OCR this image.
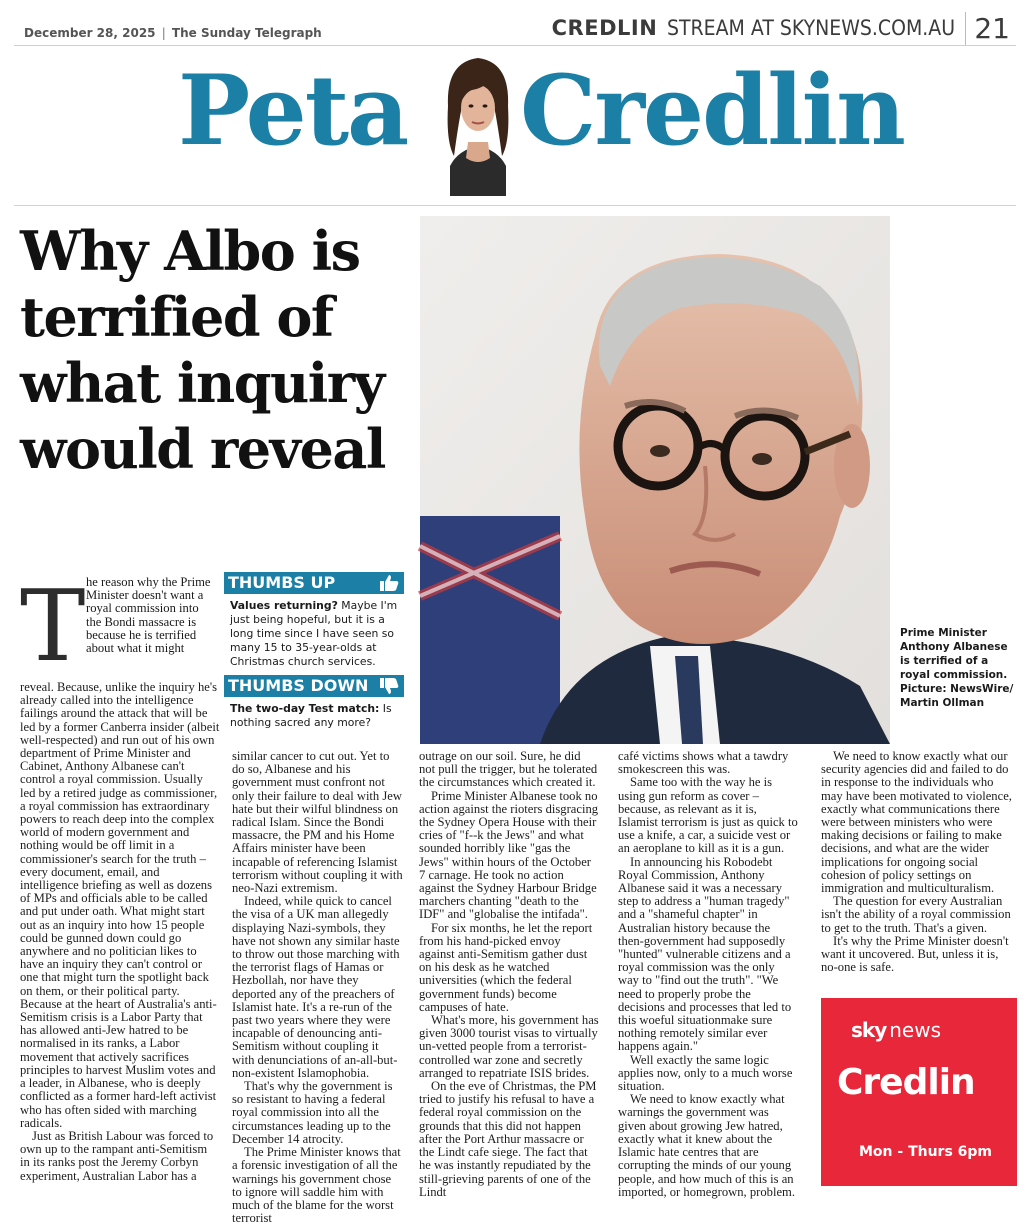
December 28, 2025 | The Sunday Telegraph	CREDLIN STREAM AT SKYNEWS.COM.AU 21
Peta Credlin
Why Albo is terrified of what inquiry would reveal
Prime Minister Anthony Albanese is terrified of a royal commission. Picture: NewsWire/ Martin Ollman
T he reason why the Prime Minister doesn't want a royal commission into the Bondi massacre is because he is terrified about what it might

reveal. Because, unlike the inquiry he's already called into the intelligence failings around the attack that will be led by a former Canberra insider (albeit well-respected) and run out of his own department of Prime Minister and Cabinet, Anthony Albanese can't control a royal commission. Usually led by a retired judge as commissioner, a royal commission has extraordinary powers to reach deep into the complex world of modern government and nothing would be off limit in a commissioner's search for the truth – every document, email, and intelligence briefing as well as dozens of MPs and officials able to be called and put under oath. What might start out as an inquiry into how 15 people could be gunned down could go anywhere and no politician likes to have an inquiry they can't control or one that might turn the spotlight back on them, or their political party. Because at the heart of Australia's anti-Semitism crisis is a Labor Party that has allowed anti-Jew hatred to be normalised in its ranks, a Labor movement that actively sacrifices principles to harvest Muslim votes and a leader, in Albanese, who is deeply conflicted as a former hard-left activist who has often sided with marching radicals.

Just as British Labour was forced to own up to the rampant anti-Semitism in its ranks post the Jeremy Corbyn experiment, Australian Labor has a

THUMBS UP
Values returning? Maybe I'm just being hopeful, but it is a long time since I have seen so many 15 to 35-year-olds at Christmas church services.
THUMBS DOWN
The two-day Test match: Is nothing sacred any more?

similar cancer to cut out. Yet to do so, Albanese and his government must confront not only their failure to deal with Jew hate but their wilful blindness on radical Islam. Since the Bondi massacre, the PM and his Home Affairs minister have been incapable of referencing Islamist terrorism without coupling it with neo-Nazi extremism.

Indeed, while quick to cancel the visa of a UK man allegedly displaying Nazi-symbols, they have not shown any similar haste to throw out those marching with the terrorist flags of Hamas or Hezbollah, nor have they deported any of the preachers of Islamist hate. It's a re-run of the past two years where they were incapable of denouncing anti-Semitism without coupling it with denunciations of an-all-but-non-existent Islamophobia.

That's why the government is so resistant to having a federal royal commission into all the circumstances leading up to the December 14 atrocity.

The Prime Minister knows that a forensic investigation of all the warnings his government chose to ignore will saddle him with much of the blame for the worst terrorist

outrage on our soil. Sure, he did not pull the trigger, but he tolerated the circumstances which created it.

Prime Minister Albanese took no action against the rioters disgracing the Sydney Opera House with their cries of "f--k the Jews" and what sounded horribly like "gas the Jews" within hours of the October 7 carnage. He took no action against the Sydney Harbour Bridge marchers chanting "death to the IDF" and "globalise the intifada".

For six months, he let the report from his hand-picked envoy against anti-Semitism gather dust on his desk as he watched universities (which the federal government funds) become campuses of hate.

What's more, his government has given 3000 tourist visas to virtually un-vetted people from a terrorist-controlled war zone and secretly arranged to repatriate ISIS brides.

On the eve of Christmas, the PM tried to justify his refusal to have a federal royal commission on the grounds that this did not happen after the Port Arthur massacre or the Lindt cafe siege. The fact that he was instantly repudiated by the still-grieving parents of one of the Lindt

café victims shows what a tawdry smokescreen this was.

Same too with the way he is using gun reform as cover – because, as relevant as it is, Islamist terrorism is just as quick to use a knife, a car, a suicide vest or an aeroplane to kill as it is a gun.

In announcing his Robodebt Royal Commission, Anthony Albanese said it was a necessary step to address a "human tragedy" and a "shameful chapter" in Australian history because the then-government had supposedly "hunted" vulnerable citizens and a royal commission was the only way to "find out the truth". "We need to properly probe the decisions and processes that led to this woeful situationmake sure nothing remotely similar ever happens again."

Well exactly the same logic applies now, only to a much worse situation.

We need to know exactly what warnings the government was given about growing Jew hatred, exactly what it knew about the Islamic hate centres that are corrupting the minds of our young people, and how much of this is an imported, or homegrown, problem.

We need to know exactly what our security agencies did and failed to do in response to the individuals who may have been motivated to violence, exactly what communications there were between ministers who were making decisions or failing to make decisions, and what are the wider implications for ongoing social cohesion of policy settings on immigration and multiculturalism.

The question for every Australian isn't the ability of a royal commission to get to the truth. That's a given.

It's why the Prime Minister doesn't want it uncovered. But, unless it is, no-one is safe.

sky news
Credlin
Mon - Thurs 6pm
